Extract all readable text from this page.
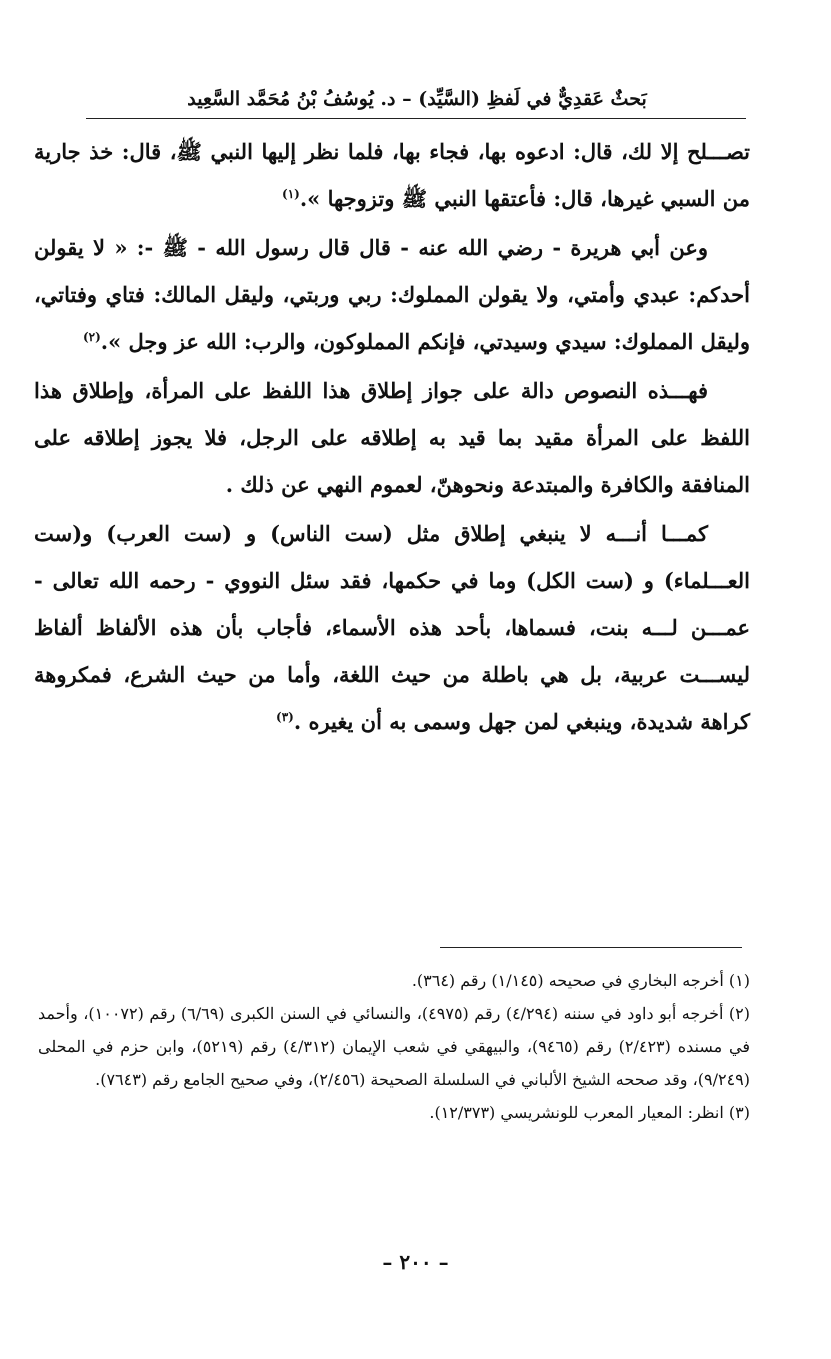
بَحثٌ عَقدِيٌّ في لَفظِ (السَّيِّد) – د. يُوسُفُ بْنُ مُحَمَّد السَّعِيد

تصـــلح إلا لك، قال: ادعوه بها، فجاء بها، فلما نظر إليها النبي ﷺ، قال: خذ جارية من السبي غيرها، قال: فأعتقها النبي ﷺ وتزوجها ».$^{(١)}$

وعن أبي هريرة - رضي الله عنه - قال قال رسول الله - ﷺ -: « لا يقولن أحدكم: عبدي وأمتي، ولا يقولن المملوك: ربي وربتي، وليقل المالك: فتاي وفتاتي، وليقل المملوك: سيدي وسيدتي، فإنكم المملوكون، والرب: الله عز وجل ».$^{(٢)}$

فهـــذه النصوص دالة على جواز إطلاق هذا اللفظ على المرأة، وإطلاق هذا اللفظ على المرأة مقيد بما قيد به إطلاقه على الرجل، فلا يجوز إطلاقه على المنافقة والكافرة والمبتدعة ونحوهنّ، لعموم النهي عن ذلك .

كمـــا أنـــه لا ينبغي إطلاق مثل (ست الناس) و (ست العرب) و(ست العـــلماء) و (ست الكل) وما في حكمها، فقد سئل النووي - رحمه الله تعالى - عمـــن لـــه بنت، فسماها، بأحد هذه الأسماء، فأجاب بأن هذه الألفاظ ألفاظ ليســـت عربية، بل هي باطلة من حيث اللغة، وأما من حيث الشرع، فمكروهة كراهة شديدة، وينبغي لمن جهل وسمى به أن يغيره .$^{(٣)}$

(١) أخرجه البخاري في صحيحه (١/١٤٥) رقم (٣٦٤).

(٢) أخرجه أبو داود في سننه (٤/٢٩٤) رقم (٤٩٧٥)، والنسائي في السنن الكبرى (٦/٦٩) رقم (١٠٠٧٢)، وأحمد في مسنده (٢/٤٢٣) رقم (٩٤٦٥)، والبيهقي في شعب الإيمان (٤/٣١٢) رقم (٥٢١٩)، وابن حزم في المحلى (٩/٢٤٩)، وقد صححه الشيخ الألباني في السلسلة الصحيحة (٢/٤٥٦)، وفي صحيح الجامع رقم (٧٦٤٣).

(٣) انظر: المعيار المعرب للونشريسي (١٢/٣٧٣).

– ٢٠٠ –
